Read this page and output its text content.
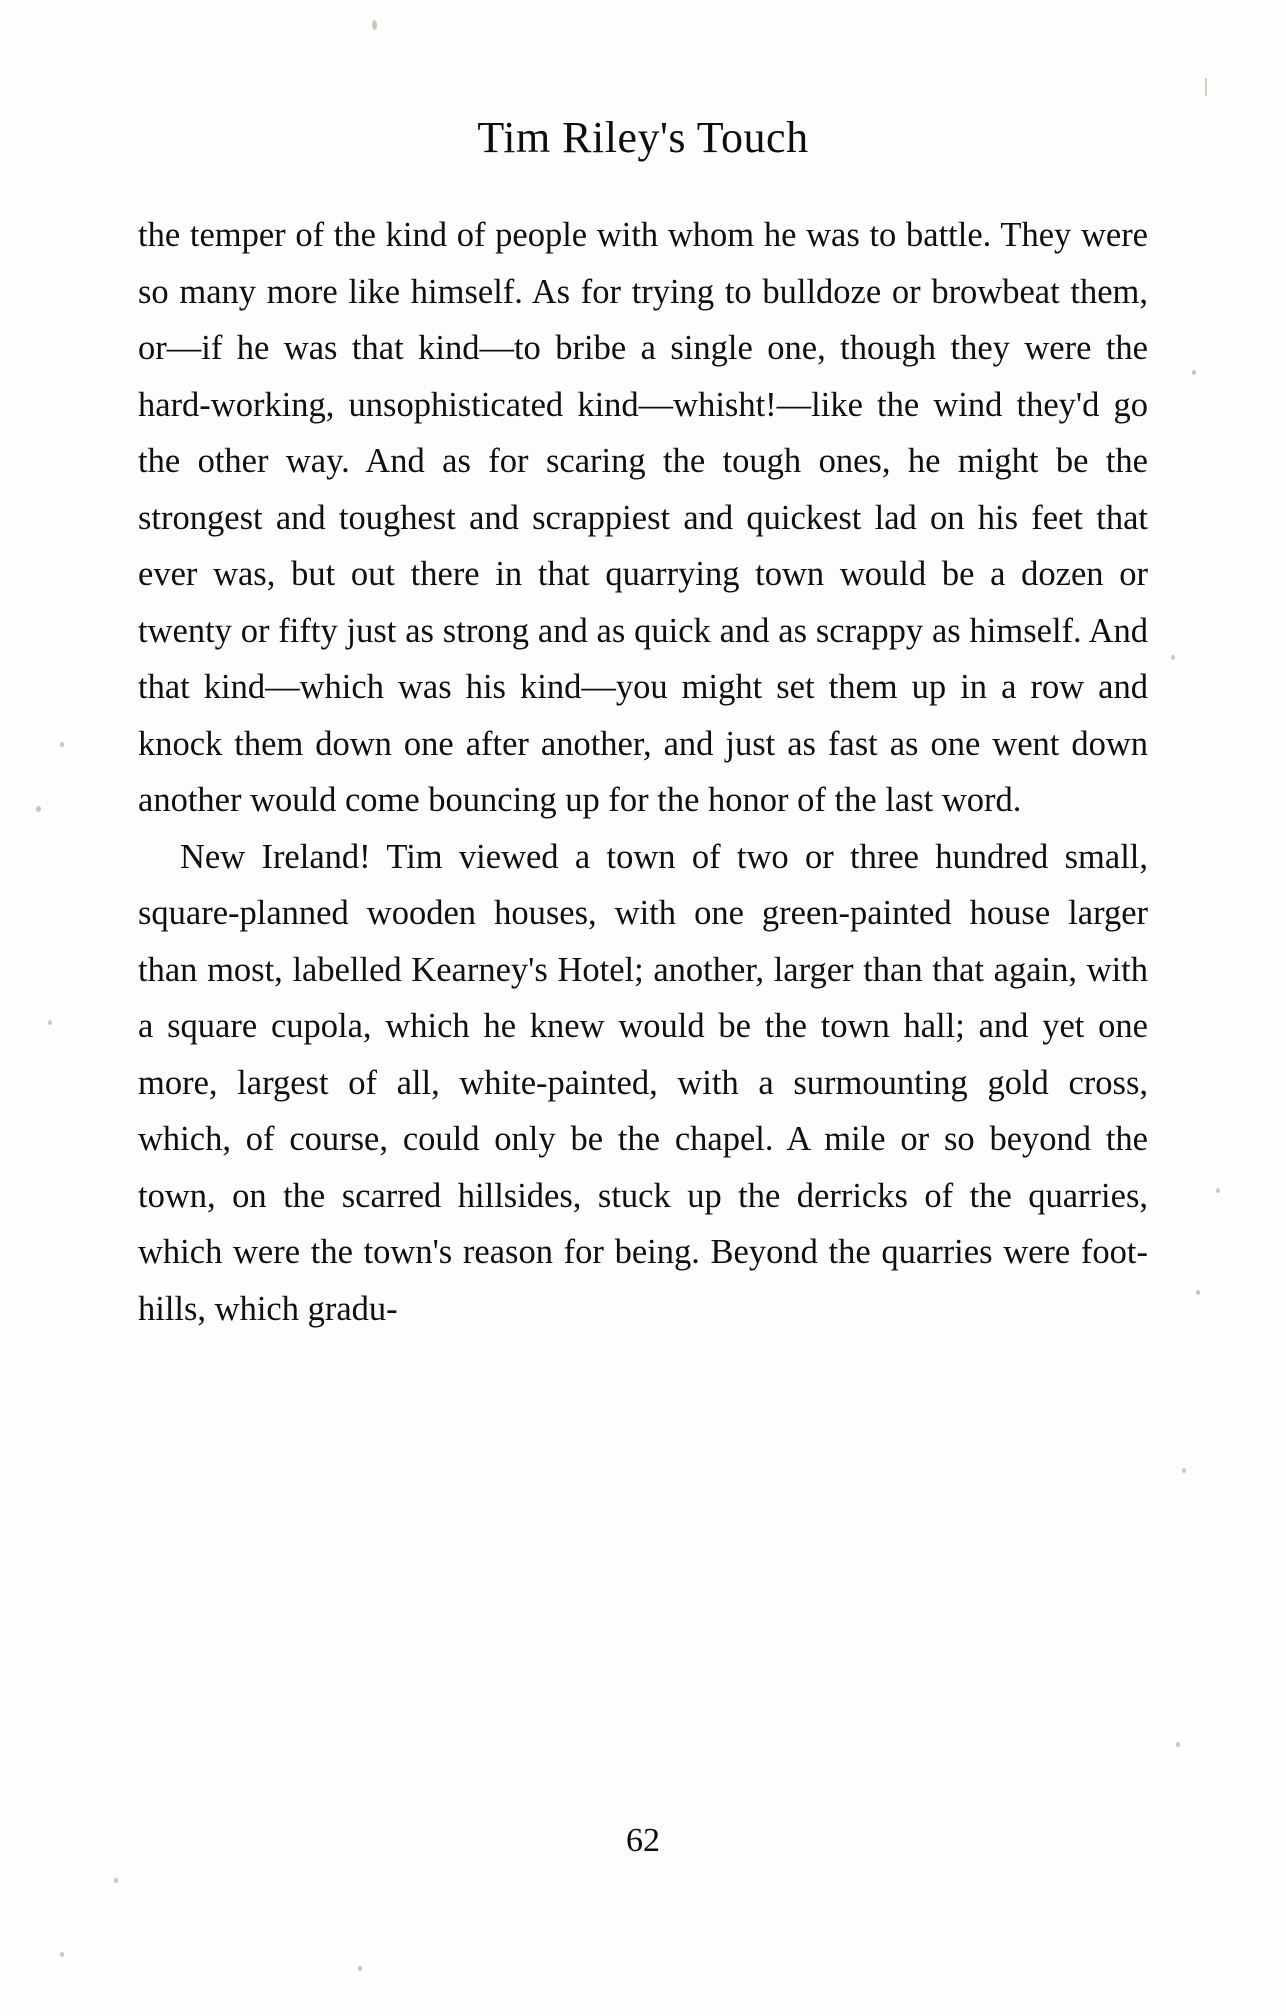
Tim Riley's Touch

the temper of the kind of people with whom he was to battle. They were so many more like himself. As for trying to bulldoze or browbeat them, or—if he was that kind—to bribe a single one, though they were the hard-working, unsophisticated kind—whisht!—like the wind they'd go the other way. And as for scaring the tough ones, he might be the strongest and toughest and scrappiest and quickest lad on his feet that ever was, but out there in that quarrying town would be a dozen or twenty or fifty just as strong and as quick and as scrappy as himself. And that kind—which was his kind—you might set them up in a row and knock them down one after another, and just as fast as one went down another would come bouncing up for the honor of the last word.

New Ireland! Tim viewed a town of two or three hundred small, square-planned wooden houses, with one green-painted house larger than most, labelled Kearney's Hotel; another, larger than that again, with a square cupola, which he knew would be the town hall; and yet one more, largest of all, white-painted, with a surmounting gold cross, which, of course, could only be the chapel. A mile or so beyond the town, on the scarred hillsides, stuck up the derricks of the quarries, which were the town's reason for being. Beyond the quarries were foot-hills, which gradu-

62
